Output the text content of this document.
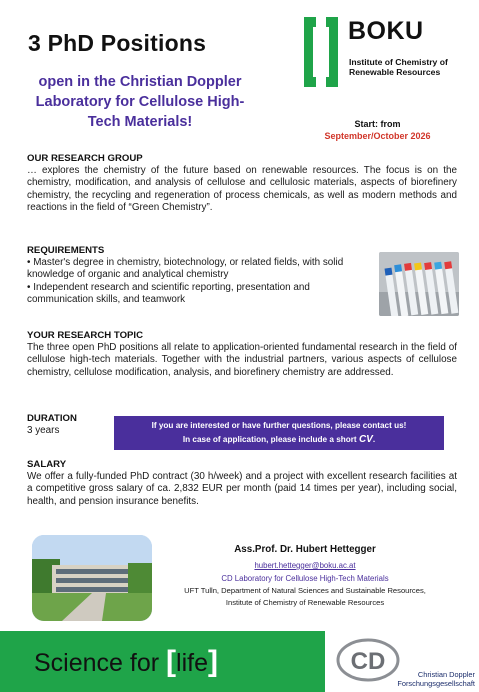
3 PhD Positions
open in the Christian Doppler Laboratory for Cellulose High-Tech Materials!
BOKU
Institute of Chemistry of Renewable Resources
Start: from
September/October 2026
OUR RESEARCH GROUP
… explores the chemistry of the future based on renewable resources. The focus is on the chemistry, modification, and analysis of cellulose and cellulosic materials, aspects of biorefinery chemistry, the recycling and regeneration of process chemicals, as well as modern methods and reactions in the field of “Green Chemistry”.
REQUIREMENTS
• Master's degree in chemistry, biotechnology, or related fields, with solid knowledge of organic and analytical chemistry
• Independent research and scientific reporting, presentation and communication skills, and teamwork
YOUR RESEARCH TOPIC
The three open PhD positions all relate to application-oriented fundamental research in the field of cellulose high-tech materials. Together with the industrial partners, various aspects of cellulose chemistry, cellulose modification, analysis, and biorefinery chemistry are addressed.
DURATION
3 years	If you are interested or have further questions, please contact us!
In case of application, please include a short CV.
SALARY
We offer a fully-funded PhD contract (30 h/week) and a project with excellent research facilities at a competitive gross salary of ca. 2,832 EUR per month (paid 14 times per year), including social, health, and pension insurance benefits.
Ass.Prof. Dr. Hubert Hettegger
hubert.hettegger@boku.ac.at
CD Laboratory for Cellulose High-Tech Materials
UFT Tulln, Department of Natural Sciences and Sustainable Resources,
Institute of Chemistry of Renewable Resources
Science for [life]	CD	Christian Doppler
Forschungsgesellschaft
